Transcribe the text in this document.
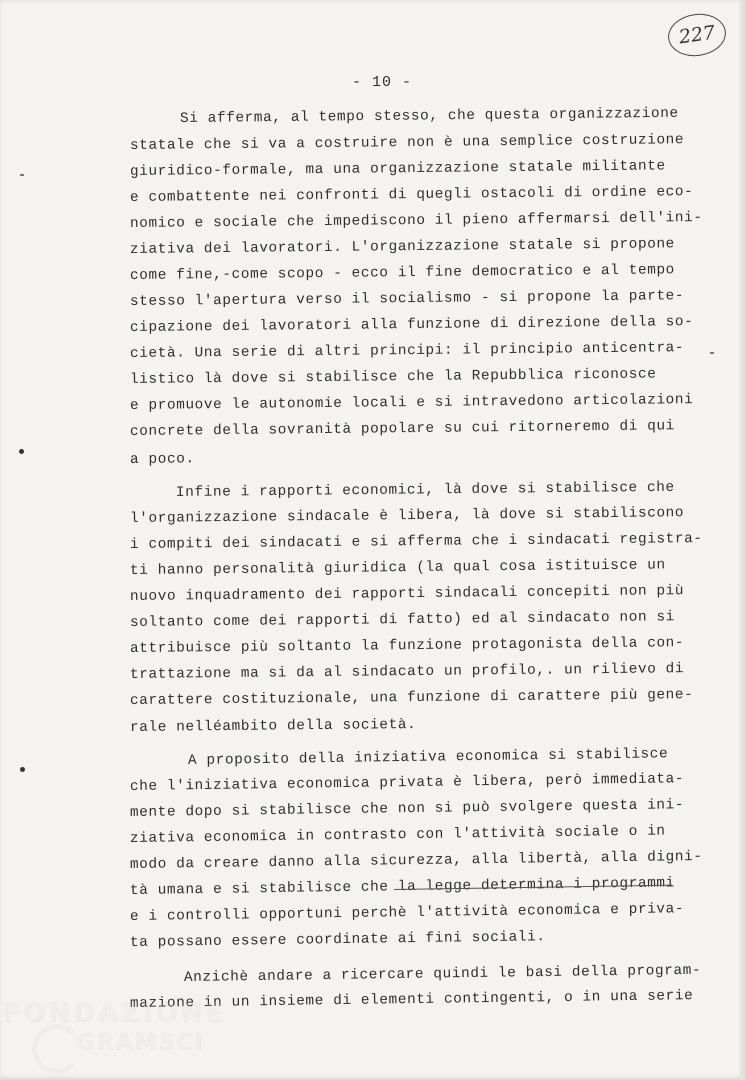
227
- 10 -
Si afferma, al tempo stesso, che questa organizzazione
statale che si va a costruire non è una semplice costruzione
giuridico-formale, ma una organizzazione statale militante
e combattente nei confronti di quegli ostacoli di ordine eco-
nomico e sociale che impediscono il pieno affermarsi dell'ini-
ziativa dei lavoratori. L'organizzazione statale si propone
come fine,-come scopo - ecco il fine democratico e al tempo
stesso l'apertura verso il socialismo - si propone la parte-
cipazione dei lavoratori alla funzione di direzione della so-
cietà. Una serie di altri principi: il principio anticentra-
listico là dove si stabilisce che la Repubblica riconosce
e promuove le autonomie locali e si intravedono articolazioni
concrete della sovranità popolare su cui ritorneremo di qui
a poco.
Infine i rapporti economici, là dove si stabilisce che
l'organizzazione sindacale è libera, là dove si stabiliscono
i compiti dei sindacati e si afferma che i sindacati registra-
ti hanno personalità giuridica (la qual cosa istituisce un
nuovo inquadramento dei rapporti sindacali concepiti non più
soltanto come dei rapporti di fatto) ed al sindacato non si
attribuisce più soltanto la funzione protagonista della con-
trattazione ma si da al sindacato un profilo,. un rilievo di
carattere costituzionale, una funzione di carattere più gene-
rale nelléambito della società.
A proposito della iniziativa economica si stabilisce
che l'iniziativa economica privata è libera, però immediata-
mente dopo si stabilisce che non si può svolgere questa ini-
ziativa economica in contrasto con l'attività sociale o in
modo da creare danno alla sicurezza, alla libertà, alla digni-
tà umana e si stabilisce che la legge determina i programmi
e i controlli opportuni perchè l'attività economica e priva-
ta possano essere coordinate ai fini sociali.
Anzichè andare a ricercare quindi le basi della program-
mazione in un insieme di elementi contingenti, o in una serie
FONDAZIONE
GRAMSCI
